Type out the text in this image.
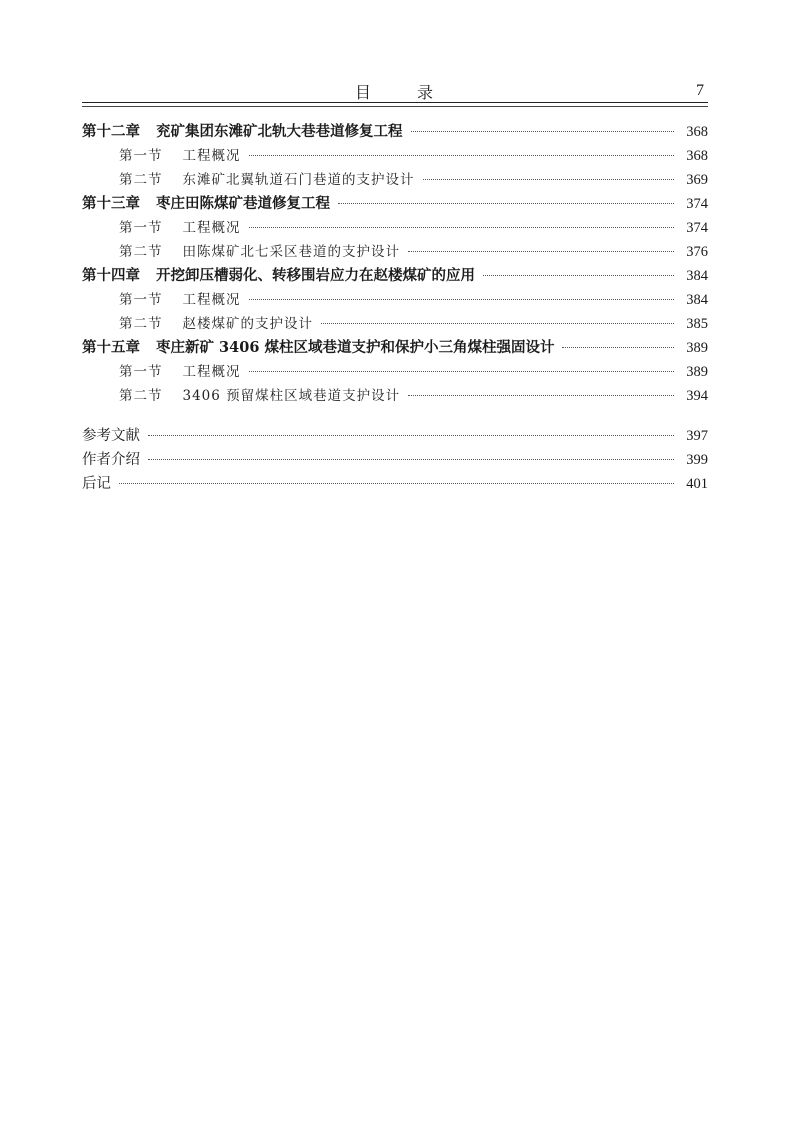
目	录	7
第十二章 兖矿集团东滩矿北轨大巷巷道修复工程	368
第一节 工程概况	368
第二节 东滩矿北翼轨道石门巷道的支护设计	369
第十三章 枣庄田陈煤矿巷道修复工程	374
第一节 工程概况	374
第二节 田陈煤矿北七采区巷道的支护设计	376
第十四章 开挖卸压槽弱化、转移围岩应力在赵楼煤矿的应用	384
第一节 工程概况	384
第二节 赵楼煤矿的支护设计	385
第十五章 枣庄新矿 3406 煤柱区域巷道支护和保护小三角煤柱强固设计	389
第一节 工程概况	389
第二节 3406 预留煤柱区域巷道支护设计	394
参考文献	397
作者介绍	399
后记	401
